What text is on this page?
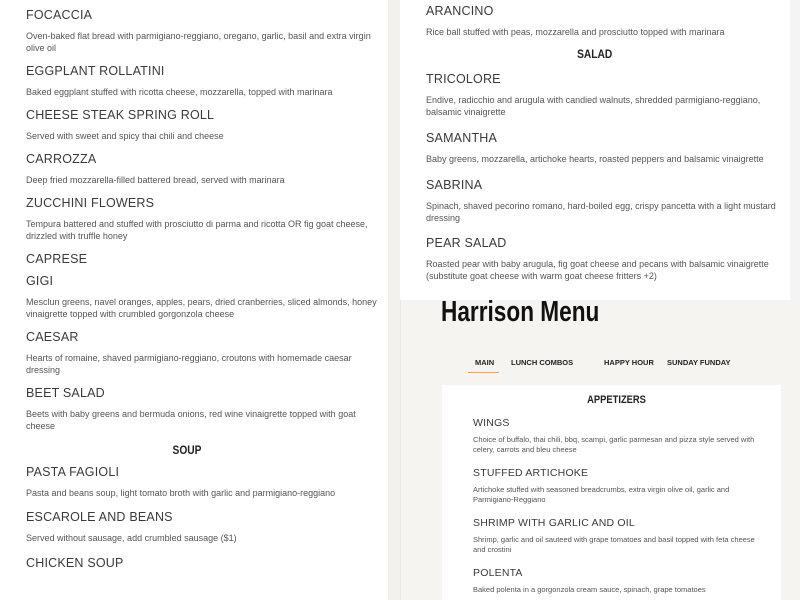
FOCACCIA
Oven-baked flat bread with parmigiano-reggiano, oregano, garlic, basil and extra virgin olive oil
EGGPLANT ROLLATINI
Baked eggplant stuffed with ricotta cheese, mozzarella, topped with marinara
CHEESE STEAK SPRING ROLL
Served with sweet and spicy thai chili and cheese
CARROZZA
Deep fried mozzarella-filled battered bread, served with marinara
ZUCCHINI FLOWERS
Tempura battered and stuffed with prosciutto di parma and ricotta OR fig goat cheese, drizzled with truffle honey
CAPRESE
GIGI
Mesclun greens, navel oranges, apples, pears, dried cranberries, sliced almonds, honey vinaigrette topped with crumbled gorgonzola cheese
CAESAR
Hearts of romaine, shaved parmigiano-reggiano, croutons with homemade caesar dressing
BEET SALAD
Beets with baby greens and bermuda onions, red wine vinaigrette topped with goat cheese
SOUP
PASTA FAGIOLI
Pasta and beans soup, light tomato broth with garlic and parmigiano-reggiano
ESCAROLE AND BEANS
Served without sausage, add crumbled sausage ($1)
CHICKEN SOUP
ARANCINO
Rice ball stuffed with peas, mozzarella and prosciutto topped with marinara
SALAD
TRICOLORE
Endive, radicchio and arugula with candied walnuts, shredded parmigiano-reggiano, balsamic vinaigrette
SAMANTHA
Baby greens, mozzarella, artichoke hearts, roasted peppers and balsamic vinaigrette
SABRINA
Spinach, shaved pecorino romano, hard-boiled egg, crispy pancetta with a light mustard dressing
PEAR SALAD
Roasted pear with baby arugula, fig goat cheese and pecans with balsamic vinaigrette (substitute goat cheese with warm goat cheese fritters +2)
Harrison Menu
MAIN LUNCH COMBOS	HAPPY HOUR SUNDAY FUNDAY
APPETIZERS
WINGS
Choice of buffalo, thai chili, bbq, scampi, garlic parmesan and pizza style served with celery, carrots and bleu cheese
STUFFED ARTICHOKE
Artichoke stuffed with seasoned breadcrumbs, extra virgin olive oil, garlic and Parmigiano-Reggiano
SHRIMP WITH GARLIC AND OIL
Shrimp, garlic and oil sauteed with grape tomatoes and basil topped with feta cheese and crostini
POLENTA
Baked polenta in a gorgonzola cream sauce, spinach, grape tomatoes
